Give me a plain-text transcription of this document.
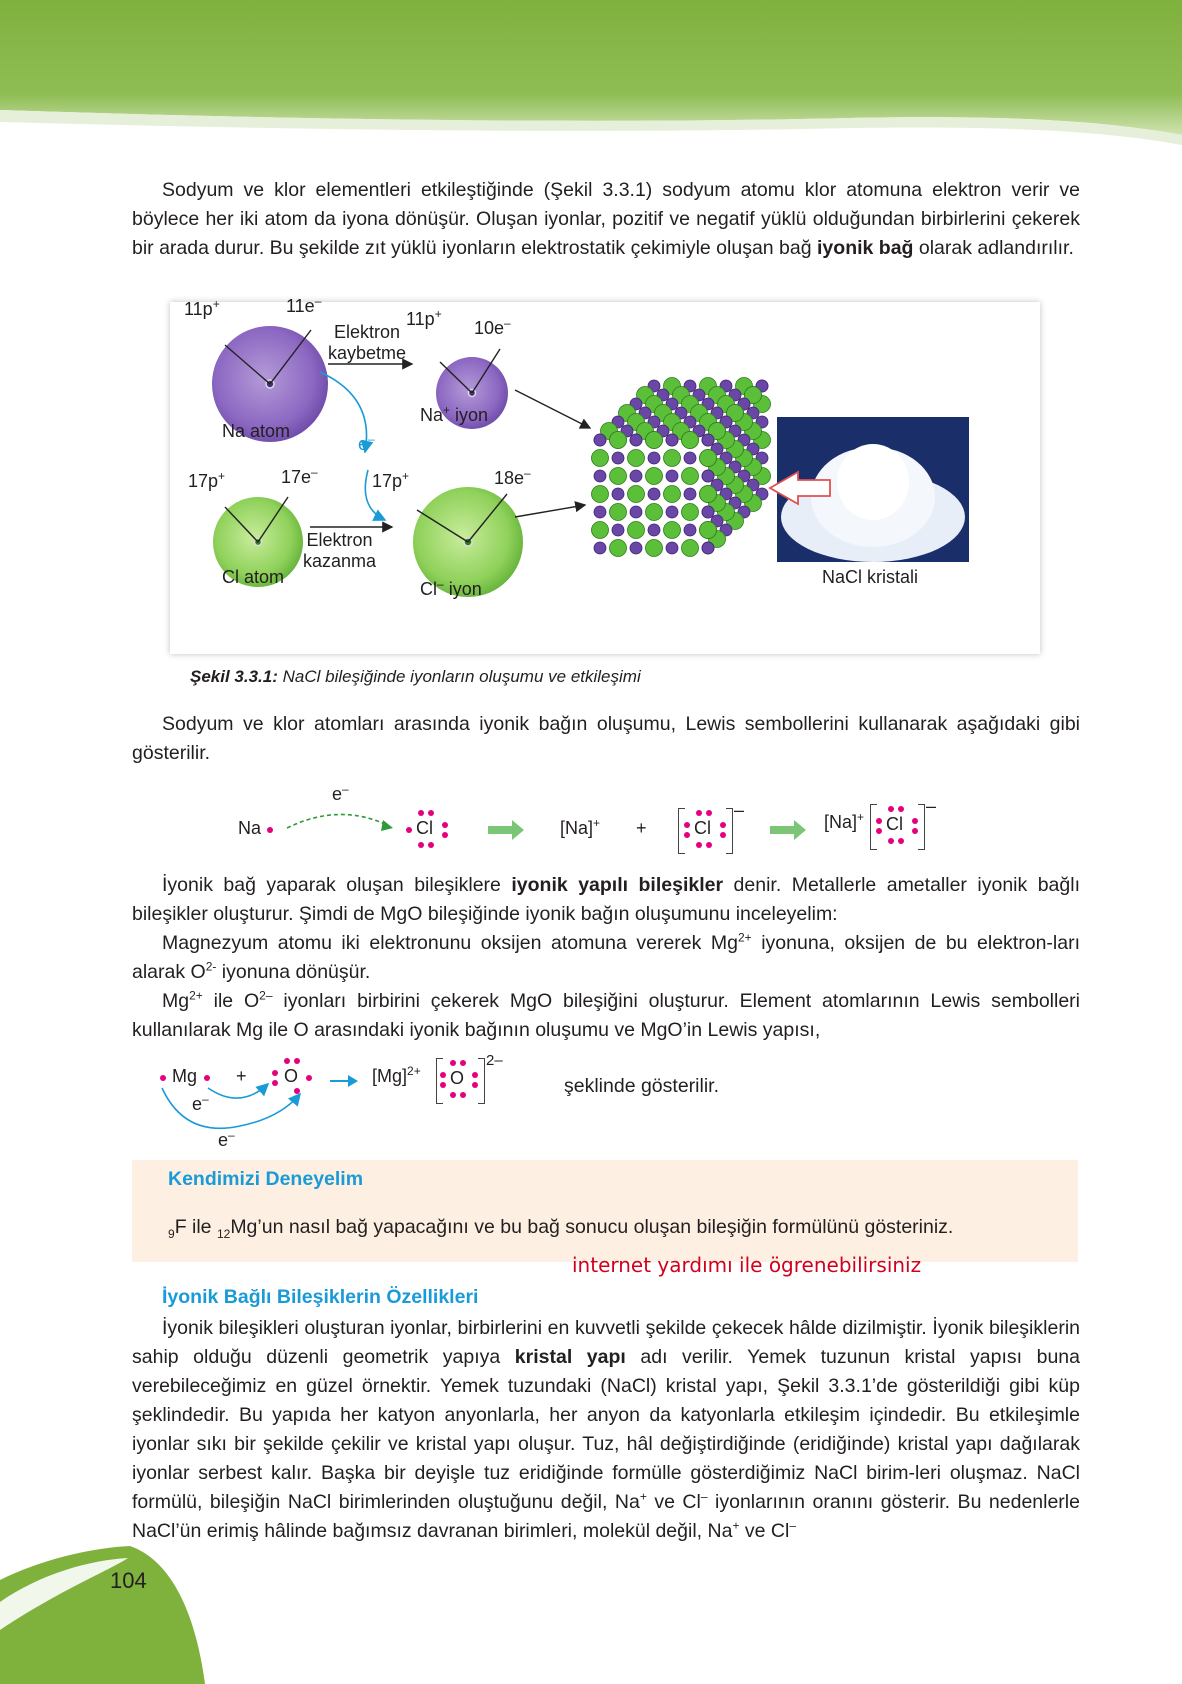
Sodyum ve klor elementleri etkileştiğinde (Şekil 3.3.1) sodyum atomu klor atomuna elektron verir ve böylece her iki atom da iyona dönüşür. Oluşan iyonlar, pozitif ve negatif yüklü olduğundan birbirlerini çekerek bir arada durur. Bu şekilde zıt yüklü iyonların elektrostatik çekimiyle oluşan bağ iyonik bağ olarak adlandırılır.

11p+	11e–
Elektron
kaybetme
11p+
10e–
Na+ iyon
Na atom
e–
17p+	17e–	17p+	18e–
Elektron
kazanma
Cl atom
Cl– iyon
NaCl kristali
Şekil 3.3.1: NaCl bileşiğinde iyonların oluşumu ve etkileşimi

Sodyum ve klor atomları arasında iyonik bağın oluşumu, Lewis sembollerini kullanarak aşağıdaki gibi gösterilir.

Na
e–
Cl	[Na]+ +	Cl
–
→ [Na]+ Cl
–

İyonik bağ yaparak oluşan bileşiklere iyonik yapılı bileşikler denir. Metallerle ametaller iyonik bağlı bileşikler oluşturur. Şimdi de MgO bileşiğinde iyonik bağın oluşumunu inceleyelim:

Magnezyum atomu iki elektronunu oksijen atomuna vererek $Mg^{2+}$ iyonuna, oksijen de bu elektron-ları alarak $O^{2-}$ iyonuna dönüşür.

$Mg^{2+}$ ile $O^{2-}$ iyonları birbirini çekerek MgO bileşiğini oluşturur. Element atomlarının Lewis sembolleri kullanılarak Mg ile O arasındaki iyonik bağının oluşumu ve MgO’in Lewis yapısı,

Mg + O
e–
e–
$[Mg]^{2+}$ O
2–
şeklinde gösterilir.
Kendimizi Deneyelim
$_9$F ile $_{12}$Mg’un nasıl bağ yapacağını ve bu bağ sonucu oluşan bileşiğin formülünü gösteriniz.
internet yardımı ile ögrenebilirsiniz
İyonik Bağlı Bileşiklerin Özellikleri

İyonik bileşikleri oluşturan iyonlar, birbirlerini en kuvvetli şekilde çekecek hâlde dizilmiştir. İyonik bileşiklerin sahip olduğu düzenli geometrik yapıya kristal yapı adı verilir. Yemek tuzunun kristal yapısı buna verebileceğimiz en güzel örnektir. Yemek tuzundaki (NaCl) kristal yapı, Şekil 3.3.1’de gösterildiği gibi küp şeklindedir. Bu yapıda her katyon anyonlarla, her anyon da katyonlarla etkileşim içindedir. Bu etkileşimle iyonlar sıkı bir şekilde çekilir ve kristal yapı oluşur. Tuz, hâl değiştirdiğinde (eridiğinde) kristal yapı dağılarak iyonlar serbest kalır. Başka bir deyişle tuz eridiğinde formülle gösterdiğimiz NaCl birim-leri oluşmaz. NaCl formülü, bileşiğin NaCl birimlerinden oluştuğunu değil, Na+ ve Cl– iyonlarının oranını gösterir. Bu nedenlerle NaCl’ün erimiş hâlinde bağımsız davranan birimleri, molekül değil, Na+ ve Cl–

104
